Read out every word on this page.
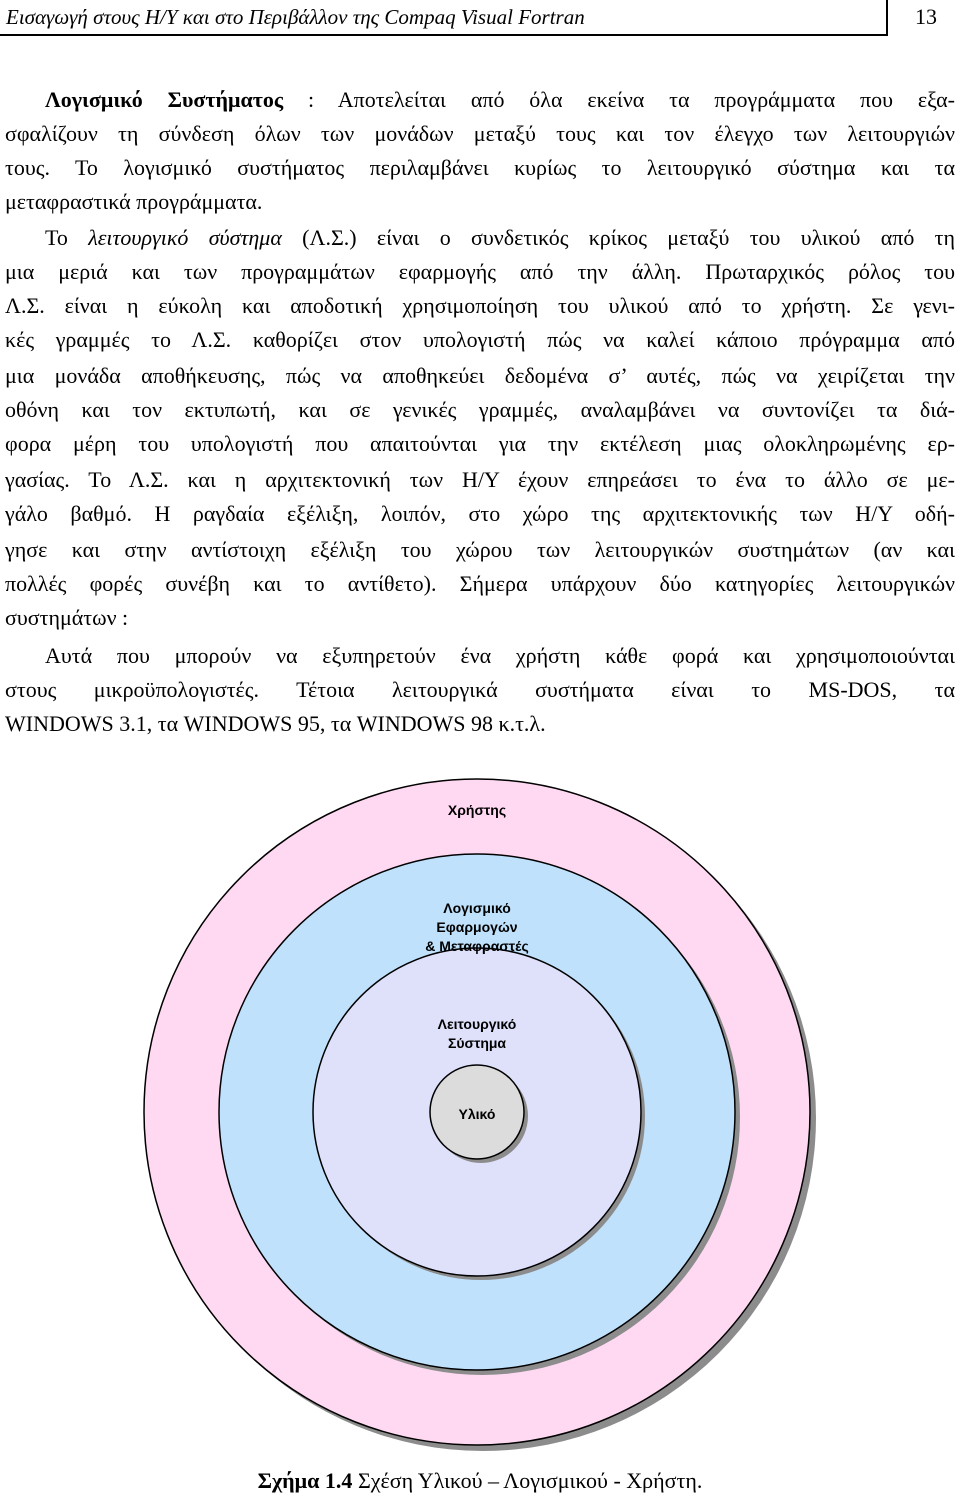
Εισαγωγή στους Η/Υ και στο Περιβάλλον της Compaq Visual Fortran	13
Λογισμικό Συστήματος : Αποτελείται από όλα εκείνα τα προγράμματα που εξα-
σφαλίζουν τη σύνδεση όλων των μονάδων μεταξύ τους και τον έλεγχο των λειτουργιών
τους. Το λογισμικό συστήματος περιλαμβάνει κυρίως το λειτουργικό σύστημα και τα
μεταφραστικά προγράμματα.
Το λειτουργικό σύστημα (Λ.Σ.) είναι ο συνδετικός κρίκος μεταξύ του υλικού από τη
μια μεριά και των προγραμμάτων εφαρμογής από την άλλη. Πρωταρχικός ρόλος του
Λ.Σ. είναι η εύκολη και αποδοτική χρησιμοποίηση του υλικού από το χρήστη. Σε γενι-
κές γραμμές το Λ.Σ. καθορίζει στον υπολογιστή πώς να καλεί κάποιο πρόγραμμα από
μια μονάδα αποθήκευσης, πώς να αποθηκεύει δεδομένα σ’ αυτές, πώς να χειρίζεται την
οθόνη και τον εκτυπωτή, και σε γενικές γραμμές, αναλαμβάνει να συντονίζει τα διά-
φορα μέρη του υπολογιστή που απαιτούνται για την εκτέλεση μιας ολοκληρωμένης ερ-
γασίας. Το Λ.Σ. και η αρχιτεκτονική των Η/Υ έχουν επηρεάσει το ένα το άλλο σε με-
γάλο βαθμό. Η ραγδαία εξέλιξη, λοιπόν, στο χώρο της αρχιτεκτονικής των Η/Υ οδή-
γησε και στην αντίστοιχη εξέλιξη του χώρου των λειτουργικών συστημάτων (αν και
πολλές φορές συνέβη και το αντίθετο). Σήμερα υπάρχουν δύο κατηγορίες λειτουργικών
συστημάτων :
Αυτά που μπορούν να εξυπηρετούν ένα χρήστη κάθε φορά και χρησιμοποιούνται
στους μικροϋπολογιστές. Τέτοια λειτουργικά συστήματα είναι το MS-DOS, τα
WINDOWS 3.1, τα WINDOWS 95, τα WINDOWS 98 κ.τ.λ.
Χρήστης
Λογισμικό
Εφαρμογών
& Μεταφραστές
Λειτουργικό
Σύστημα
Υλικό
Σχήμα 1.4 Σχέση Υλικού – Λογισμικού - Χρήστη.
